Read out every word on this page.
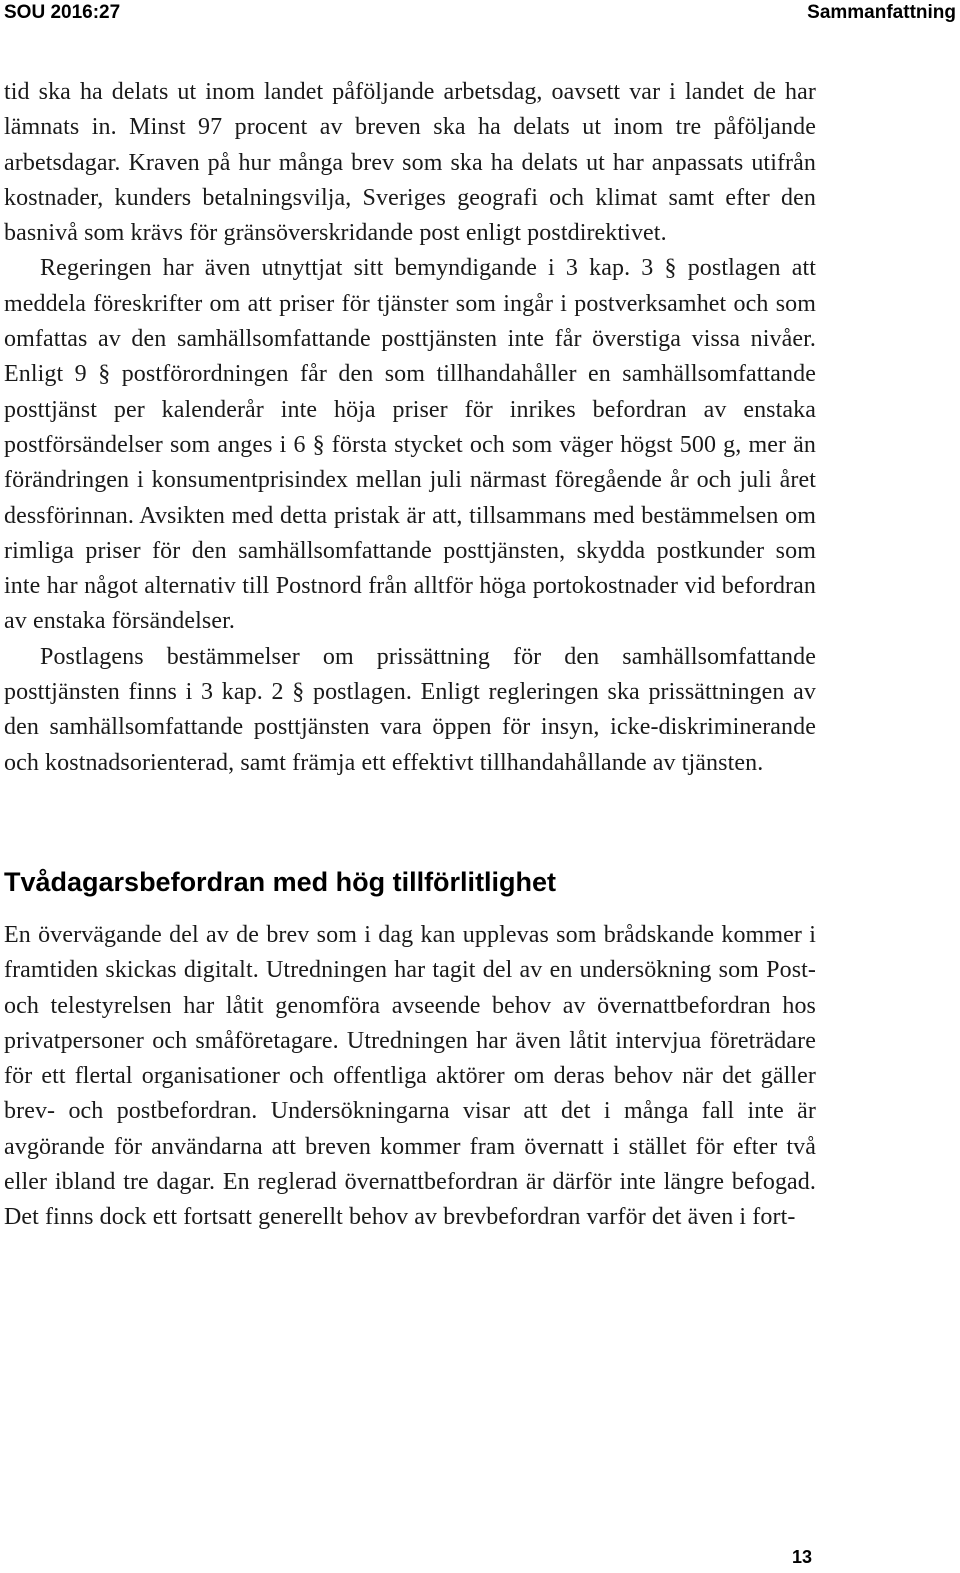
SOU 2016:27	Sammanfattning

tid ska ha delats ut inom landet påföljande arbetsdag, oavsett var i landet de har lämnats in. Minst 97 procent av breven ska ha delats ut inom tre påföljande arbetsdagar. Kraven på hur många brev som ska ha delats ut har anpassats utifrån kostnader, kunders betalningsvilja, Sveriges geografi och klimat samt efter den basnivå som krävs för gränsöverskridande post enligt postdirektivet.

Regeringen har även utnyttjat sitt bemyndigande i 3 kap. 3 § postlagen att meddela föreskrifter om att priser för tjänster som ingår i postverksamhet och som omfattas av den samhällsomfattande posttjänsten inte får överstiga vissa nivåer. Enligt 9 § postförordningen får den som tillhandahåller en samhällsomfattande posttjänst per kalenderår inte höja priser för inrikes befordran av enstaka postförsändelser som anges i 6 § första stycket och som väger högst 500 g, mer än förändringen i konsumentprisindex mellan juli närmast föregående år och juli året dessförinnan. Avsikten med detta pristak är att, tillsammans med bestämmelsen om rimliga priser för den samhällsomfattande posttjänsten, skydda postkunder som inte har något alternativ till Postnord från alltför höga portokostnader vid befordran av enstaka försändelser.

Postlagens bestämmelser om prissättning för den samhällsomfattande posttjänsten finns i 3 kap. 2 § postlagen. Enligt regleringen ska prissättningen av den samhällsomfattande posttjänsten vara öppen för insyn, icke-diskriminerande och kostnadsorienterad, samt främja ett effektivt tillhandahållande av tjänsten.

Tvådagarsbefordran med hög tillförlitlighet

En övervägande del av de brev som i dag kan upplevas som brådskande kommer i framtiden skickas digitalt. Utredningen har tagit del av en undersökning som Post- och telestyrelsen har låtit genomföra avseende behov av övernattbefordran hos privatpersoner och småföretagare. Utredningen har även låtit intervjua företrädare för ett flertal organisationer och offentliga aktörer om deras behov när det gäller brev- och postbefordran. Undersökningarna visar att det i många fall inte är avgörande för användarna att breven kommer fram övernatt i stället för efter två eller ibland tre dagar. En reglerad övernattbefordran är därför inte längre befogad. Det finns dock ett fortsatt generellt behov av brevbefordran varför det även i fort-

13
